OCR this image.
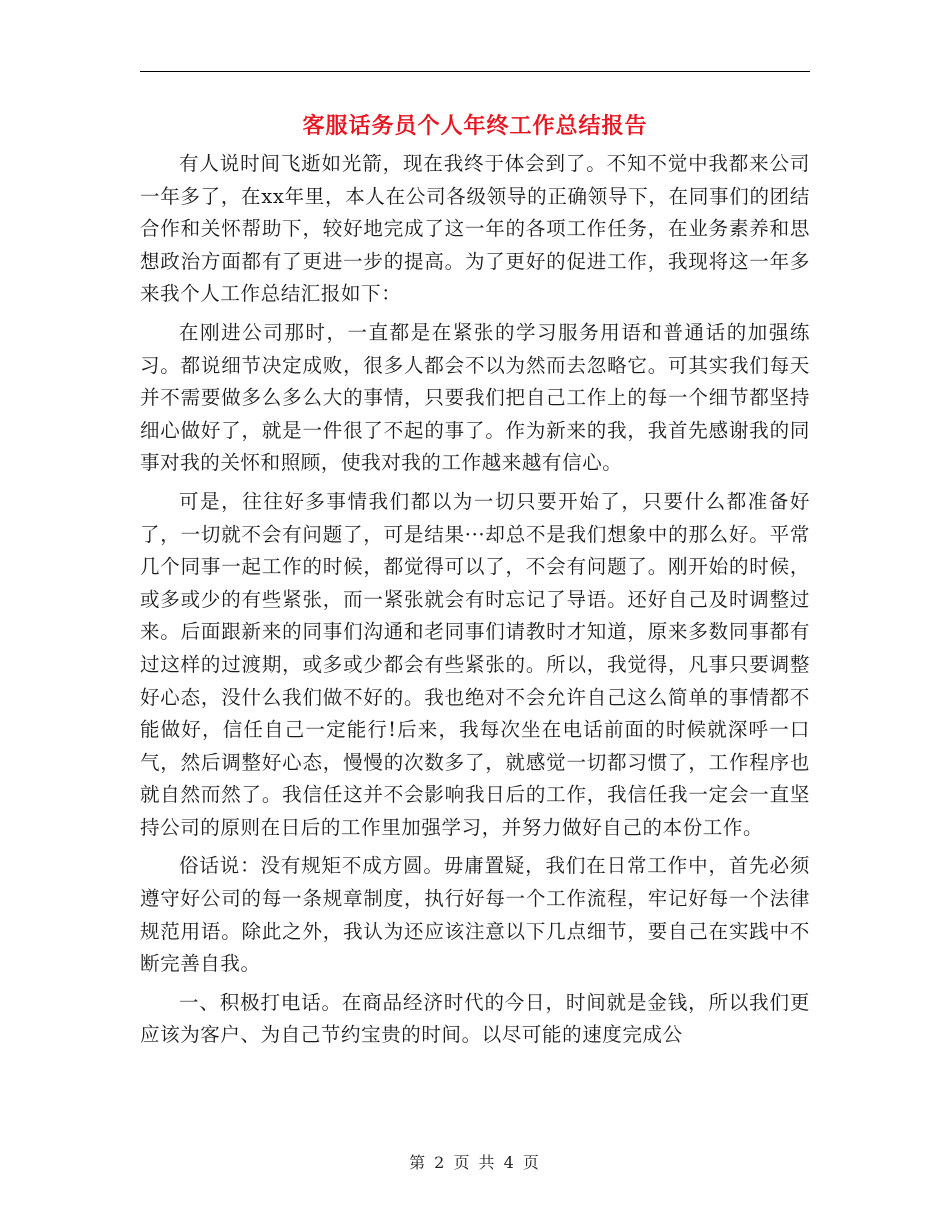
客服话务员个人年终工作总结报告

有人说时间飞逝如光箭，现在我终于体会到了。不知不觉中我都来公司一年多了，在xx年里，本人在公司各级领导的正确领导下，在同事们的团结合作和关怀帮助下，较好地完成了这一年的各项工作任务，在业务素养和思想政治方面都有了更进一步的提高。为了更好的促进工作，我现将这一年多来我个人工作总结汇报如下：

在刚进公司那时，一直都是在紧张的学习服务用语和普通话的加强练习。都说细节决定成败，很多人都会不以为然而去忽略它。可其实我们每天并不需要做多么多么大的事情，只要我们把自己工作上的每一个细节都坚持细心做好了，就是一件很了不起的事了。作为新来的我，我首先感谢我的同事对我的关怀和照顾，使我对我的工作越来越有信心。

可是，往往好多事情我们都以为一切只要开始了，只要什么都准备好了，一切就不会有问题了，可是结果···却总不是我们想象中的那么好。平常几个同事一起工作的时候，都觉得可以了，不会有问题了。刚开始的时候，或多或少的有些紧张，而一紧张就会有时忘记了导语。还好自己及时调整过来。后面跟新来的同事们沟通和老同事们请教时才知道，原来多数同事都有过这样的过渡期，或多或少都会有些紧张的。所以，我觉得，凡事只要调整好心态，没什么我们做不好的。我也绝对不会允许自己这么简单的事情都不能做好，信任自己一定能行!后来，我每次坐在电话前面的时候就深呼一口气，然后调整好心态，慢慢的次数多了，就感觉一切都习惯了，工作程序也就自然而然了。我信任这并不会影响我日后的工作，我信任我一定会一直坚持公司的原则在日后的工作里加强学习，并努力做好自己的本份工作。

俗话说：没有规矩不成方圆。毋庸置疑，我们在日常工作中，首先必须遵守好公司的每一条规章制度，执行好每一个工作流程，牢记好每一个法律规范用语。除此之外，我认为还应该注意以下几点细节，要自己在实践中不断完善自我。

一、积极打电话。在商品经济时代的今日，时间就是金钱，所以我们更应该为客户、为自己节约宝贵的时间。以尽可能的速度完成公

第 2 页 共 4 页
